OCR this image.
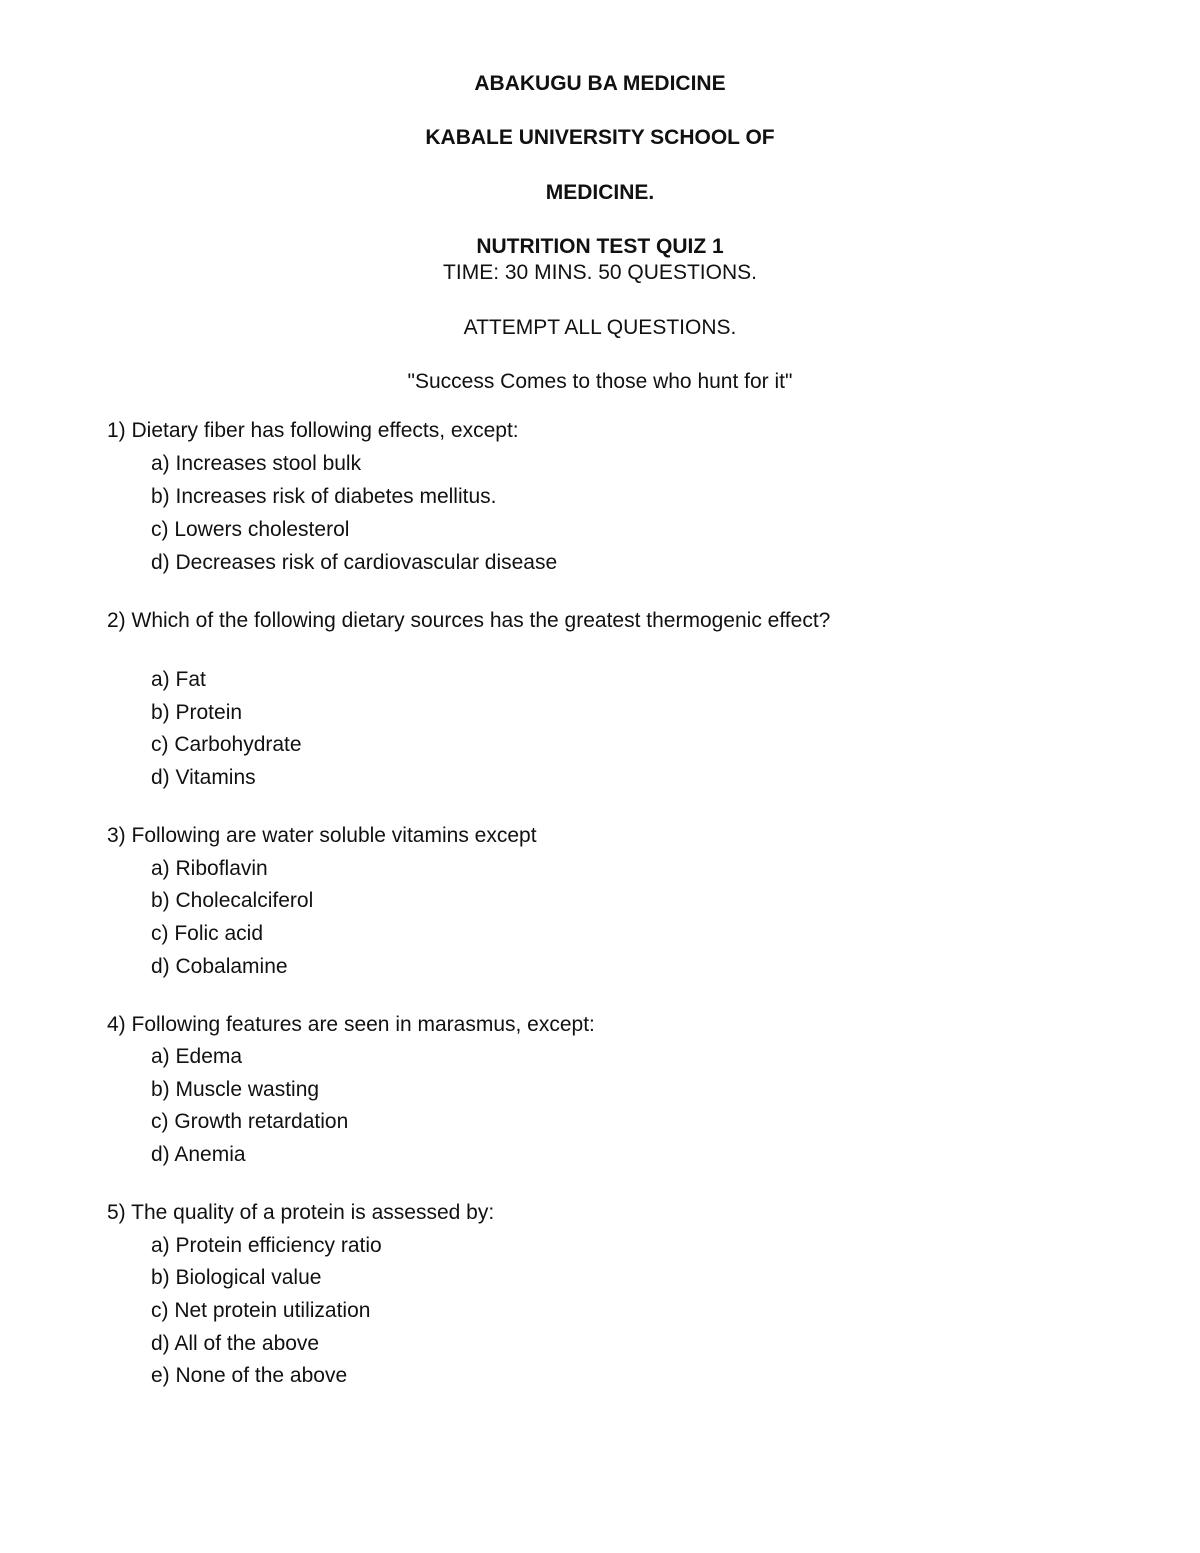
ABAKUGU BA MEDICINE
KABALE UNIVERSITY SCHOOL OF
MEDICINE.
NUTRITION TEST QUIZ 1
TIME: 30 MINS. 50 QUESTIONS.
ATTEMPT ALL QUESTIONS.
"Success Comes to those who hunt for it"
1) Dietary fiber has following effects, except:
a) Increases stool bulk
b) Increases risk of diabetes mellitus.
c) Lowers cholesterol
d) Decreases risk of cardiovascular disease
2) Which of the following dietary sources has the greatest thermogenic effect?
a) Fat
b) Protein
c) Carbohydrate
d) Vitamins
3) Following are water soluble vitamins except
a) Riboflavin
b) Cholecalciferol
c) Folic acid
d) Cobalamine
4) Following features are seen in marasmus, except:
a) Edema
b) Muscle wasting
c) Growth retardation
d) Anemia
5) The quality of a protein is assessed by:
a) Protein efficiency ratio
b) Biological value
c) Net protein utilization
d) All of the above
e) None of the above
